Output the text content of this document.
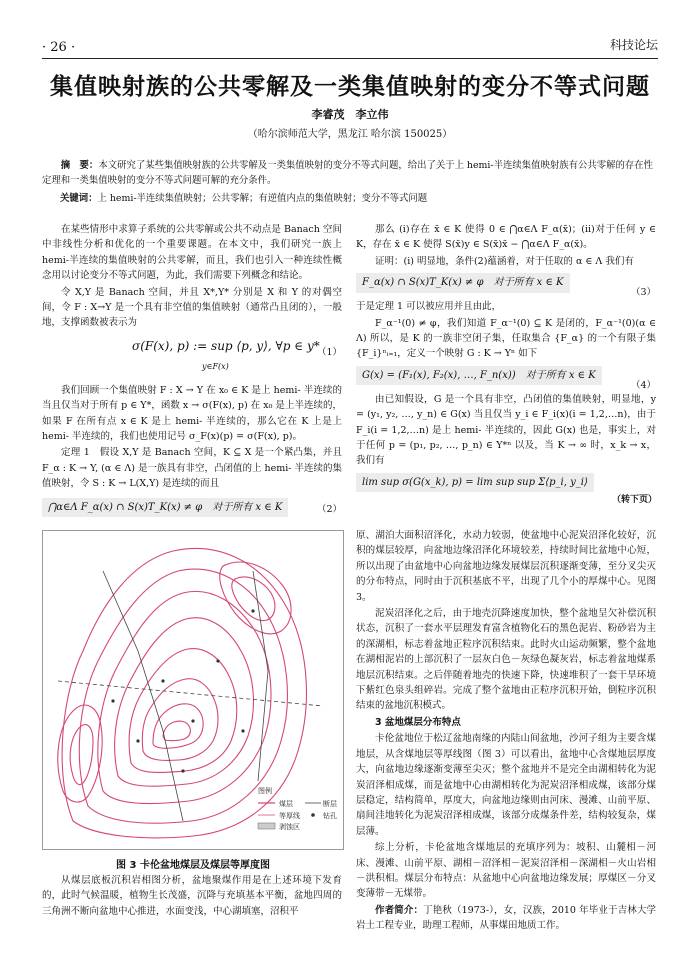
· 26 ·	科技论坛
集值映射族的公共零解及一类集值映射的变分不等式问题
李睿茂　李立伟
（哈尔滨师范大学，黑龙江 哈尔滨 150025）
摘　要：本文研究了某些集值映射族的公共零解及一类集值映射的变分不等式问题，给出了关于上 hemi-半连续集值映射族有公共零解的存在性定理和一类集值映射的变分不等式问题可解的充分条件。
关键词：上 hemi-半连续集值映射；公共零解；有逆值内点的集值映射；变分不等式问题

在某些情形中求算子系统的公共零解或公共不动点是 Banach 空间中非线性分析和优化的一个重要课题。在本文中，我们研究一族上 hemi-半连续的集值映射的公共零解，而且，我们也引入一种连续性概念用以讨论变分不等式问题，为此，我们需要下列概念和结论。

令 X,Y 是 Banach 空间，并且 X*,Y* 分别是 X 和 Y 的对偶空间，令 F : X→Y 是一个具有非空值的集值映射（通常凸且闭的），一般地，支撑函数被表示为

σ(F(x), p) := sup ⟨p, y⟩, ∀p ∈ y*
y∈F(x)
（1）

我们回顾一个集值映射 F : X → Y 在 x₀ ∈ K 是上 hemi- 半连续的当且仅当对于所有 p ∈ Y*，函数 x → σ(F(x), p) 在 x₀ 是上半连续的，如果 F 在所有点 x ∈ K 是上 hemi- 半连续的，那么它在 K 上是上 hemi- 半连续的，我们也使用记号 σ_F(x)(p) = σ(F(x), p)。

定理 1　假设 X,Y 是 Banach 空间，K ⊆ X 是一个紧凸集，并且 F_α : K → Y, (α ∈ Λ) 是一族具有非空，凸闭值的上 hemi- 半连续的集值映射，令 S : K → L(X,Y) 是连续的而且

⋂α∈Λ F_α(x) ∩ S(x)T_K(x) ≠ φ　对于所有 x ∈ K	（2）

那么 (i)存在 x̄ ∈ K 使得 0 ∈ ⋂α∈Λ F_α(x̄)；(ii)对于任何 y ∈ K，存在 x̄ ∈ K 使得 S(x̄)y ∈ S(x̄)x̄ − ⋂α∈Λ F_α(x̄)。

证明：(i) 明显地，条件(2)蕴涵着，对于任取的 α ∈ Λ 我们有

F_α(x) ∩ S(x)T_K(x) ≠ φ　对于所有 x ∈ K
（3）

于是定理 1 可以被应用并且由此，

F_α⁻¹(0) ≠ φ，我们知道 F_α⁻¹(0) ⊆ K 是闭的，F_α⁻¹(0)(α ∈ Λ) 所以，是 K 的一族非空闭子集，任取集合 {F_α} 的一个有限子集 {F_i}ⁿᵢ₌₁，定义一个映射 G : K → Yⁿ 如下

G(x) = (F₁(x), F₂(x), …, F_n(x))　对于所有 x ∈ K
（4）

由已知假设，G 是一个具有非空，凸闭值的集值映射，明显地，y = (y₁, y₂, …, y_n) ∈ G(x) 当且仅当 y_i ∈ F_i(x)(i = 1,2,…n)，由于 F_i(i = 1,2,…n) 是上 hemi- 半连续的，因此 G(x) 也是，事实上，对于任何 p = (p₁, p₂, …, p_n) ∈ Y*ⁿ 以及，当 K → ∞ 时，x_k → x，我们有

lim sup σ(G(x_k), p) = lim sup sup Σ⟨p_i, y_i⟩
（转下页）
图例
煤层
等厚线
剥蚀区
断层
钻孔
图 3 卡伦盆地煤层及煤层等厚度图

从煤层底板沉积岩相图分析，盆地聚煤作用是在上述环境下发育的，此时气候温暖，植物生长茂盛，沉降与充填基本平衡，盆地四周的三角洲不断向盆地中心推进，水面变浅，中心湖填塞，沼积平

原、湖泊大面积沼泽化，水动力较弱，使盆地中心泥炭沼泽化较好，沉积的煤层较厚，向盆地边缘沼泽化环境较差，持续时间比盆地中心短，所以出现了由盆地中心向盆地边缘发展煤层沉积逐渐变薄，至分叉尖灭的分布特点，同时由于沉积基底不平，出现了几个小的厚煤中心。见图 3。

泥炭沼泽化之后，由于地壳沉降速度加快，整个盆地呈欠补偿沉积状态，沉积了一套水平层理发育富含植物化石的黑色泥岩、粉砂岩为主的深湖相，标志着盆地正粒序沉积结束。此时火山运动频繁，整个盆地在湖相泥岩的上部沉积了一层灰白色－灰绿色凝灰岩，标志着盆地煤系地层沉积结束。之后伴随着地壳的快速下降，快速堆积了一套干旱环境下紫红色泉头组碎岩。完成了整个盆地由正粒序沉积开始，倒粒序沉积结束的盆地沉积模式。

3 盆地煤层分布特点

卡伦盆地位于松辽盆地南缘的内陆山间盆地，沙河子组为主要含煤地层，从含煤地层等厚线图（图 3）可以看出，盆地中心含煤地层厚度大，向盆地边缘逐渐变薄至尖灭；整个盆地并不是完全由湖相转化为泥炭沼泽相成煤，而是盆地中心由湖相转化为泥炭沼泽相成煤，该部分煤层稳定，结构简单，厚度大，向盆地边缘则由河床、漫滩、山前平原、扇间洼地转化为泥炭沼泽相成煤，该部分成煤条件差，结构较复杂，煤层薄。

综上分析，卡伦盆地含煤地层的充填序列为：坡积、山麓相－河床、漫滩、山前平原、湖相－沼泽相－泥炭沼泽相－深湖相－火山岩相－洪积相。煤层分布特点：从盆地中心向盆地边缘发展；厚煤区－分叉变薄带－无煤带。

作者简介：丁艳秋（1973-），女，汉族，2010 年毕业于吉林大学岩土工程专业，助理工程师，从事煤田地质工作。
